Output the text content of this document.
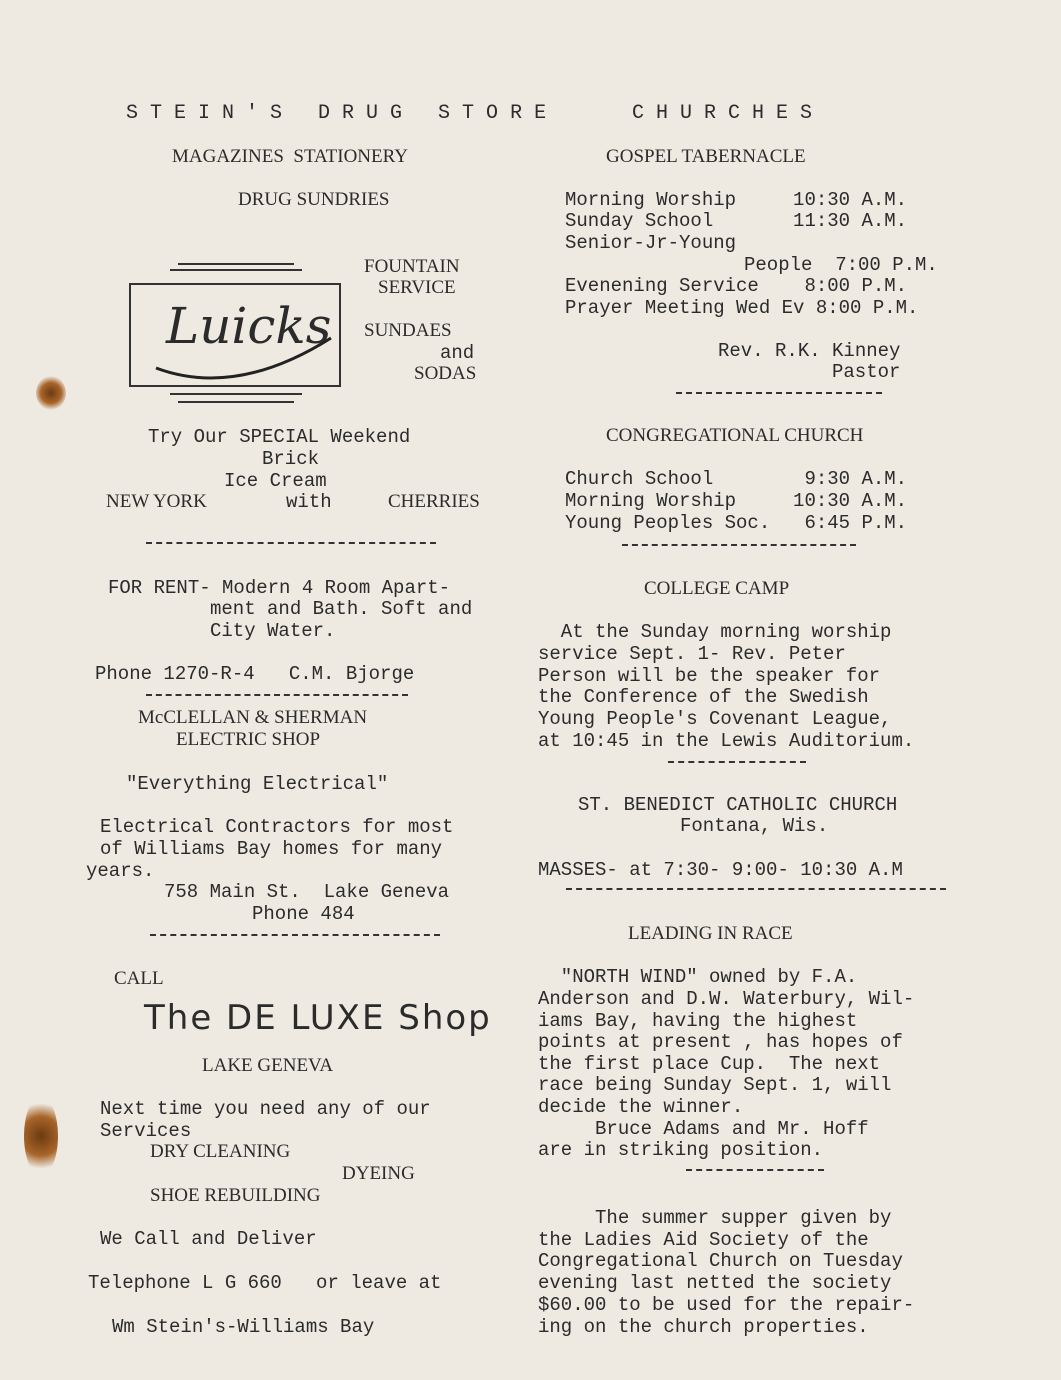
S T E I N ' S   D R U G   S T O R E
MAGAZINES  STATIONERY
DRUG SUNDRIES
Luicks
FOUNTAIN
SERVICE
SUNDAES
and
SODAS
Try Our SPECIAL Weekend
Brick
Ice Cream
NEW YORK	with	CHERRIES
FOR RENT- Modern 4 Room Apart-
ment and Bath. Soft and
City Water.
Phone 1270-R-4   C.M. Bjorge
McCLELLAN & SHERMAN
ELECTRIC SHOP
"Everything Electrical"
Electrical Contractors for most
of Williams Bay homes for many
years.
758 Main St.  Lake Geneva
Phone 484
CALL
The DE LUXE Shop
LAKE GENEVA
Next time you need any of our
Services
DRY CLEANING
DYEING
SHOE REBUILDING
We Call and Deliver
Telephone L G 660   or leave at
Wm Stein's-Williams Bay
C H U R C H E S
GOSPEL TABERNACLE
Morning Worship     10:30 A.M.
Sunday School       11:30 A.M.
Senior-Jr-Young
People  7:00 P.M.
Evenening Service    8:00 P.M.
Prayer Meeting Wed Ev 8:00 P.M.
Rev. R.K. Kinney
Pastor
CONGREGATIONAL CHURCH
Church School        9:30 A.M.
Morning Worship     10:30 A.M.
Young Peoples Soc.   6:45 P.M.
COLLEGE CAMP
At the Sunday morning worship
service Sept. 1- Rev. Peter
Person will be the speaker for
the Conference of the Swedish
Young People's Covenant League,
at 10:45 in the Lewis Auditorium.
ST. BENEDICT CATHOLIC CHURCH
Fontana, Wis.
MASSES- at 7:30- 9:00- 10:30 A.M
LEADING IN RACE
"NORTH WIND" owned by F.A.
Anderson and D.W. Waterbury, Wil-
iams Bay, having the highest
points at present , has hopes of
the first place Cup.  The next
race being Sunday Sept. 1, will
decide the winner.
Bruce Adams and Mr. Hoff
are in striking position.
The summer supper given by
the Ladies Aid Society of the
Congregational Church on Tuesday
evening last netted the society
$60.00 to be used for the repair-
ing on the church properties.
